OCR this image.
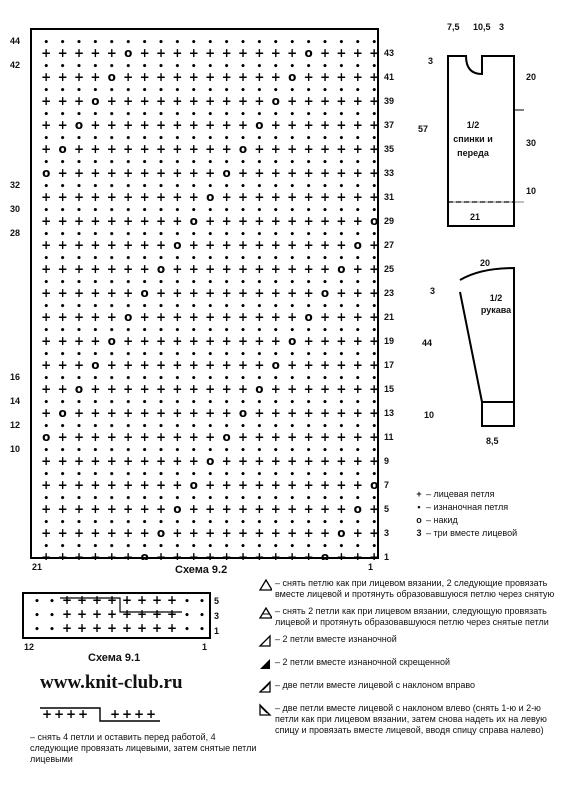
• • • • • • • • • • • • • • • • • • • • •
+ + + + + o + + + + + + + + + + o + + + +
• • • • • • • • • • • • • • • • • • • • •
+ + + + o + + + + + + + + + + o + + + + +
• • • • • • • • • • • • • • • • • • • • •
+ + + o + + + + + + + + + + o + + + + + +
• • • • • • • • • • • • • • • • • • • • •
+ + o + + + + + + + + + + o + + + + + + +
• • • • • • • • • • • • • • • • • • • • •
+ o + + + + + + + + + + o + + + + + + + +
• • • • • • • • • • • • • • • • • • • • •
o + + + + + + + + + + o + + + + + + + + +
• • • • • • • • • • • • • • • • • • • • •
+ + + + + + + + + + o + + + + + + + + + +
• • • • • • • • • • • • • • • • • • • • •
+ + + + + + + + + o + + + + + + + + + + o
• • • • • • • • • • • • • • • • • • • • •
+ + + + + + + + o + + + + + + + + + + o +
• • • • • • • • • • • • • • • • • • • • •
+ + + + + + + o + + + + + + + + + + o + +
• • • • • • • • • • • • • • • • • • • • •
+ + + + + + o + + + + + + + + + + o + + +
• • • • • • • • • • • • • • • • • • • • •
+ + + + + o + + + + + + + + + + o + + + +
• • • • • • • • • • • • • • • • • • • • •
+ + + + o + + + + + + + + + + o + + + + +
• • • • • • • • • • • • • • • • • • • • •
+ + + o + + + + + + + + + + o + + + + + +
• • • • • • • • • • • • • • • • • • • • •
+ + o + + + + + + + + + + o + + + + + + +
• • • • • • • • • • • • • • • • • • • • •
+ o + + + + + + + + + + o + + + + + + + +
• • • • • • • • • • • • • • • • • • • • •
o + + + + + + + + + + o + + + + + + + + +
• • • • • • • • • • • • • • • • • • • • •
+ + + + + + + + + + o + + + + + + + + + +
• • • • • • • • • • • • • • • • • • • • •
+ + + + + + + + + o + + + + + + + + + + o
• • • • • • • • • • • • • • • • • • • • •
+ + + + + + + + o + + + + + + + + + + o +
• • • • • • • • • • • • • • • • • • • • •
+ + + + + + + o + + + + + + + + + + o + +
• • • • • • • • • • • • • • • • • • • • •
+ + + + + + o + + + + + + + + + + o + + + 1
3
5
7
9
11
13
15
17
19
21
23
25
27
29
31
33
35
37
39
41
43
10
12
14
16
28
30
32
42
44
21	1
Схема 9.2
• • + + + + + + + + • •
• • + + + + + + + + • •
• • + + + + + + + + • •
5
3
1
12	1
Схема 9.1
www.knit-club.ru
+ + + + + + + +
– снять 4 петли и оставить перед работой, 4 следующие провязать лицевыми, затем снятые петли лицевыми
– снять петлю как при лицевом вязании, 2 следующие провязать вместе лицевой и протянуть образовавшуюся петлю через снятую
– снять 2 петли как при лицевом вязании, следующую провязать лицевой и протянуть образовавшуюся петлю через снятые петли
– 2 петли вместе изнаночной
– 2 петли вместе изнаночной скрещенной
– две петли вместе лицевой с наклоном вправо
– две петли вместе лицевой с наклоном влево (снять 1-ю и 2-ю петли как при лицевом вязании, затем снова надеть их на левую спицу и провязать вместе лицевой, вводя спицу справа налево)
+ – лицевая петля
• – изнаночная петля
o – накид
3 – три вместе лицевой
7,5 10,5 3
3
20
57
30
10
21
1/2 спинки и переда
20
3
44
10
8,5
1/2 рукава
